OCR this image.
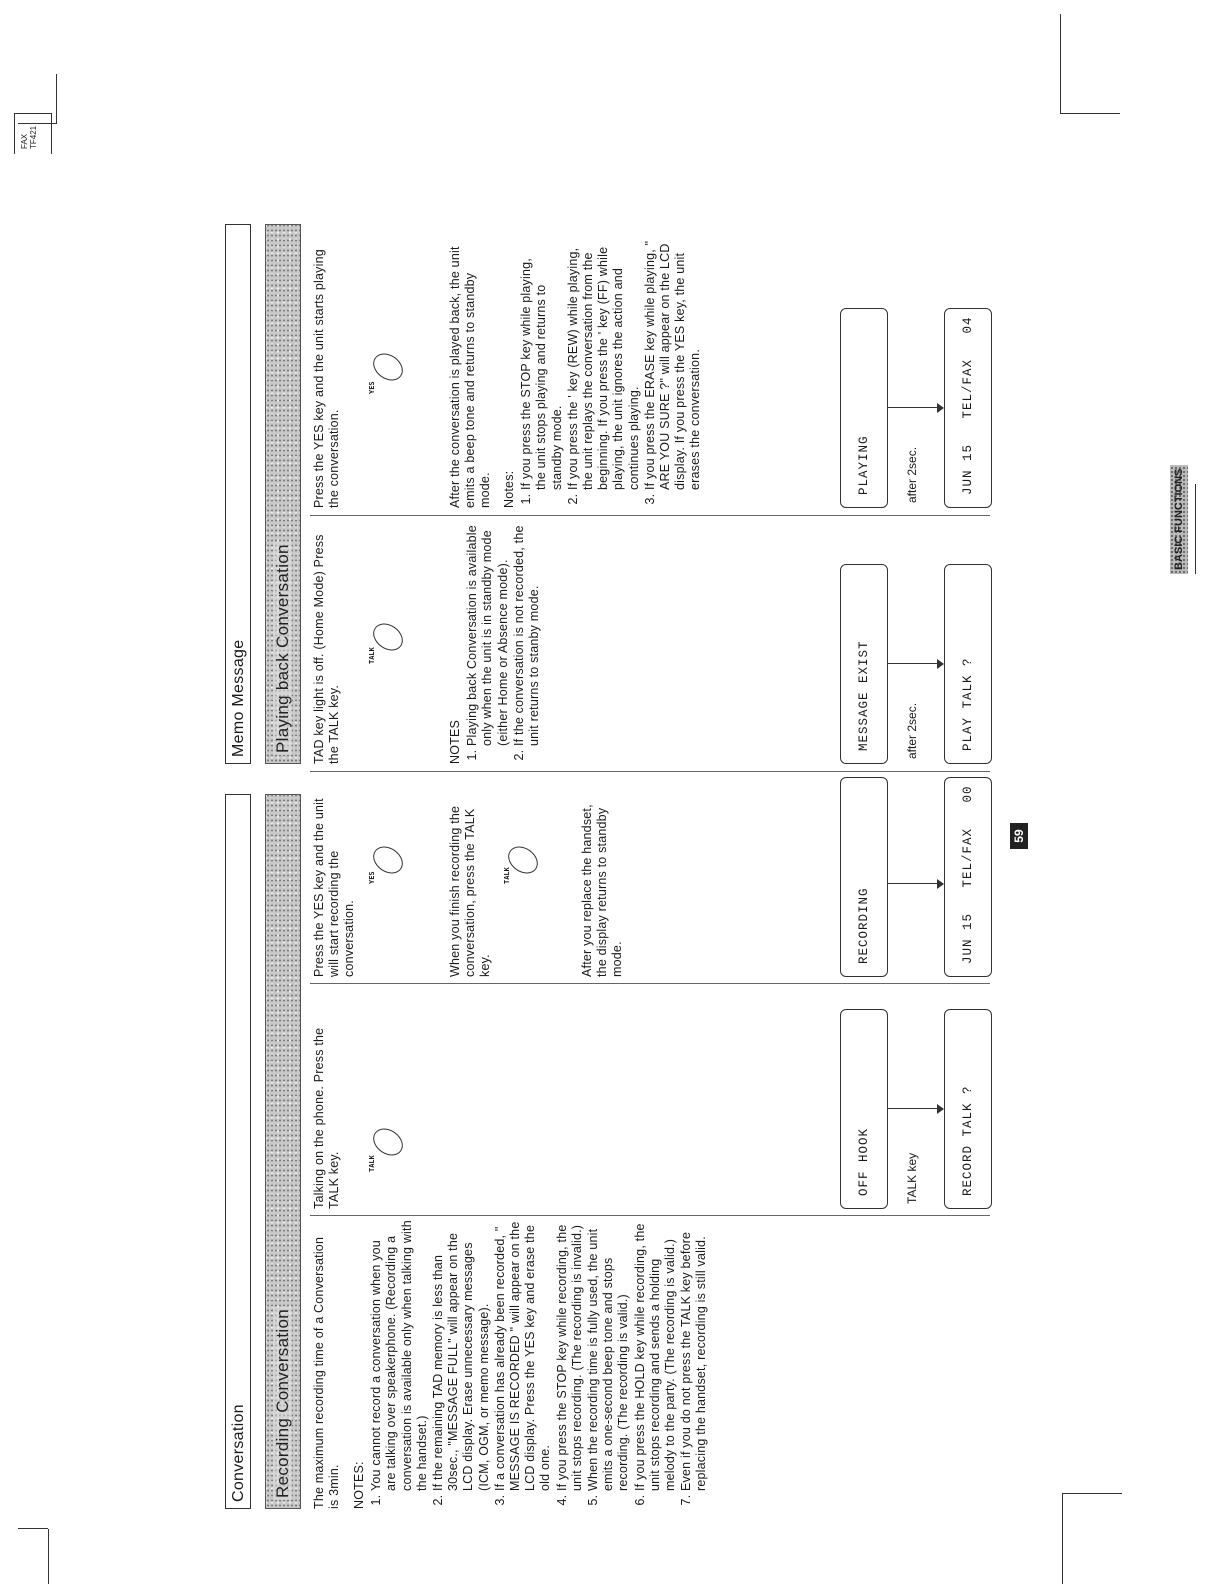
FAX TF421
BASIC FUNCTIONS
Conversation	Recording Conversation	The maximum recording time of a Conversation is 3min. NOTES: 1. You cannot record a conversation when you are talking over speakerphone. (Recording a conversation is available only when talking with the handset.) 2. If the remaining TAD memory is less than 30sec., "MESSAGE FULL" will appear on the LCD display. Erase unnecessary messages (ICM, OGM, or memo message). 3. If a conversation has already been recorded, " MESSAGE IS RECORDED " will appear on the LCD display. Press the YES key and erase the old one. 4. If you press the STOP key while recording, the unit stops recording. (The recording is invalid.) 5. When the recording time is fully used, the unit emits a one-second beep tone and stops recording. (The recording is valid.) 6. If you press the HOLD key while recording, the unit stops recording and sends a holding melody to the party. (The recording is valid.) 7. Even if you do not press the TALK key before replacing the handset, recording is still valid.
Talking on the phone. Press the TALK key.	TALK	OFF HOOK	TALK key	RECORD TALK ?
Press the YES key and the unit will start recording the conversation.
YES
RECORDING	JUN 15   TEL/FAX   00
Memo Message	Playing back Conversation	TAD key light is off. (Home Mode) Press the TALK key.
TALK
NOTES 1. Playing back Conversation is available only when the unit is in standby mode (either Home or Absence mode). 2. If the conversation is not recorded, the unit returns to stanby mode.	MESSAGE EXIST	after 2sec.	PLAY TALK ?
Press the YES key and the unit starts playing the conversation.
YES	After the conversation is played back, the unit emits a beep tone and returns to standby mode. Notes: 1. If you press the STOP key while playing, the unit stops playing and returns to standby mode. 2. If you press the ' key (REW) while playing, the unit replays the conversation from the beginning. If you press the ' key (FF) while playing, the unit ignores the action and continues playing. 3. If you press the ERASE key while playing, " ARE YOU SURE ?" will appear on the LCD display. If you press the YES key, the unit erases the conversation.	PLAYING	after 2sec.	JUN 15   TEL/FAX   04
59
When you finish recording the conversation, press the TALK key.
TALK	After you replace the handset, the display returns to standby mode.
